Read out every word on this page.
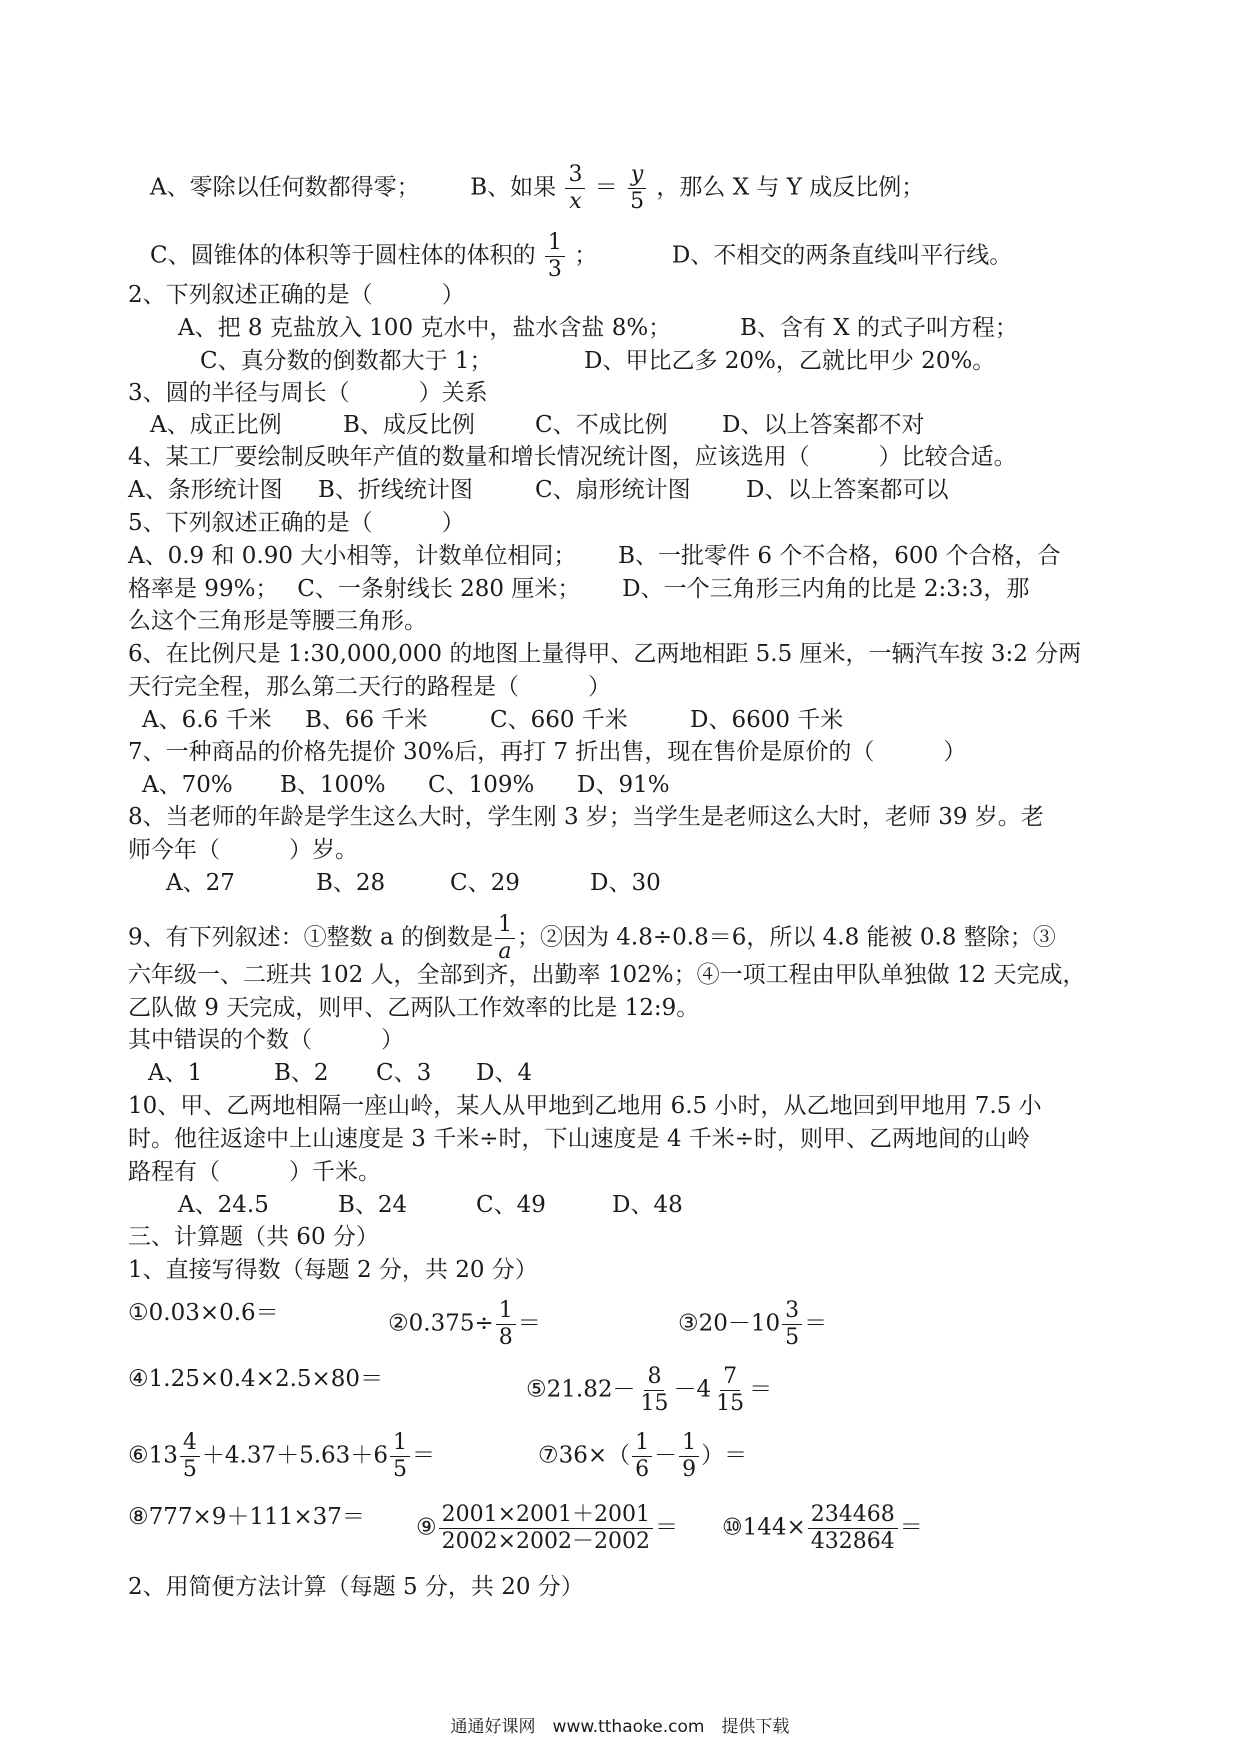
A、零除以任何数都得零； B、如果 $\frac{3}{x} = \frac{y}{5}$ ，那么 X 与 Y 成反比例；
C、圆锥体的体积等于圆柱体的体积的 $\frac{1}{3}$ ；	D、不相交的两条直线叫平行线。
2、下列叙述正确的是（　　　）
A、把 8 克盐放入 100 克水中，盐水含盐 8%；	B、含有 X 的式子叫方程；
C、真分数的倒数都大于 1；	D、甲比乙多 20%，乙就比甲少 20%。
3、圆的半径与周长（　　　）关系
A、成正比例	B、成反比例	C、不成比例 D、以上答案都不对
4、某工厂要绘制反映年产值的数量和增长情况统计图，应该选用（　　　）比较合适。
A、条形统计图 B、折线统计图	C、扇形统计图 D、以上答案都可以
5、下列叙述正确的是（　　　）
A、0.9 和 0.90 大小相等，计数单位相同；　　 B、一批零件 6 个不合格，600 个合格，合
格率是 99%；　 C、一条射线长 280 厘米；　　 D、一个三角形三内角的比是 2:3:3，那
么这个三角形是等腰三角形。
6、在比例尺是 1:30,000,000 的地图上量得甲、乙两地相距 5.5 厘米，一辆汽车按 3:2 分两
天行完全程，那么第二天行的路程是（　　　）
A、6.6 千米 B、66 千米	C、660 千米	D、6600 千米
7、一种商品的价格先提价 30%后，再打 7 折出售，现在售价是原价的（　　　）
A、70% B、100% C、109% D、91%
8、当老师的年龄是学生这么大时，学生刚 3 岁；当学生是老师这么大时，老师 39 岁。老
师今年（　　　）岁。
A、27	B、28	C、29	D、30
9、有下列叙述：①整数 a 的倒数是 $\frac{1}{a}$ ；②因为 4.8÷0.8＝6，所以 4.8 能被 0.8 整除；③
六年级一、二班共 102 人，全部到齐，出勤率 102%；④一项工程由甲队单独做 12 天完成，
乙队做 9 天完成，则甲、乙两队工作效率的比是 12:9。
其中错误的个数（　　　）
A、1	B、2 C、3 D、4
10、甲、乙两地相隔一座山岭，某人从甲地到乙地用 6.5 小时，从乙地回到甲地用 7.5 小
时。他往返途中上山速度是 3 千米÷时，下山速度是 4 千米÷时，则甲、乙两地间的山岭
路程有（　　　）千米。
A、24.5	B、24	C、49	D、48
三、计算题（共 60 分）
1、直接写得数（每题 2 分，共 20 分）
①0.03×0.6＝	②0.375÷ $\frac{1}{8}$ ＝	③20－10 $\frac{3}{5}$ ＝
④1.25×0.4×2.5×80＝	⑤21.82－ $\frac{8}{15} -4 \frac{7}{15}$ ＝
⑥13 $\frac{4}{5} +4.37+5.63+6 \frac{1}{5}$ ＝	⑦36×（ $\frac{1}{6} - \frac{1}{9}$ ）＝
⑧777×9＋111×37＝ ⑨ $\frac{2001\times 2001+2001}{2002\times 2002-2002}$ ＝ ⑩144× $\frac{234468}{432864}$ ＝
2、用简便方法计算（每题 5 分，共 20 分）
通通好课网　www.tthaoke.com　提供下载
